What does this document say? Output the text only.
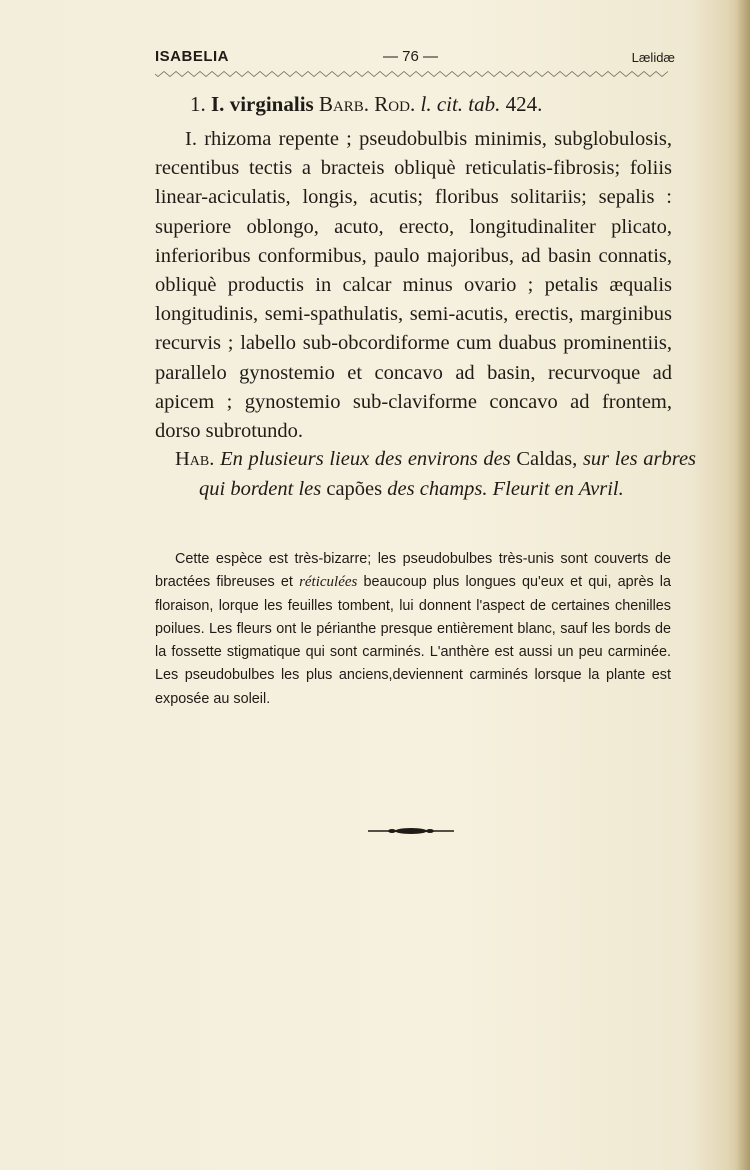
ISABELIA	— 76 —	Lælidæ
1. I. virginalis Barb. Rod. l. cit. tab. 424.

I. rhizoma repente ; pseudobulbis minimis, subglobulosis, recentibus tectis a bracteis obliquè reticulatis-fibrosis; foliis linear-aciculatis, longis, acutis; floribus solitariis; sepalis : superiore oblongo, acuto, erecto, longitudinaliter plicato, inferioribus conformibus, paulo majoribus, ad basin connatis, obliquè productis in calcar minus ovario ; petalis æqualis longitudinis, semi-spathulatis, semi-acutis, erectis, marginibus recurvis ; labello sub-obcordiforme cum duabus prominentiis, parallelo gynostemio et concavo ad basin, recurvoque ad apicem ; gynostemio sub-claviforme concavo ad frontem, dorso subrotundo.

Hab. En plusieurs lieux des environs des Caldas, sur les arbres qui bordent les capões des champs. Fleurit en Avril.

Cette espèce est très-bizarre; les pseudobulbes très-unis sont couverts de bractées fibreuses et réticulées beaucoup plus longues qu'eux et qui, après la floraison, lorque les feuilles tombent, lui donnent l'aspect de certaines chenilles poilues. Les fleurs ont le périanthe presque entièrement blanc, sauf les bords de la fossette stigmatique qui sont carminés. L'anthère est aussi un peu carminée. Les pseudobulbes les plus anciens,deviennent carminés lorsque la plante est exposée au soleil.
